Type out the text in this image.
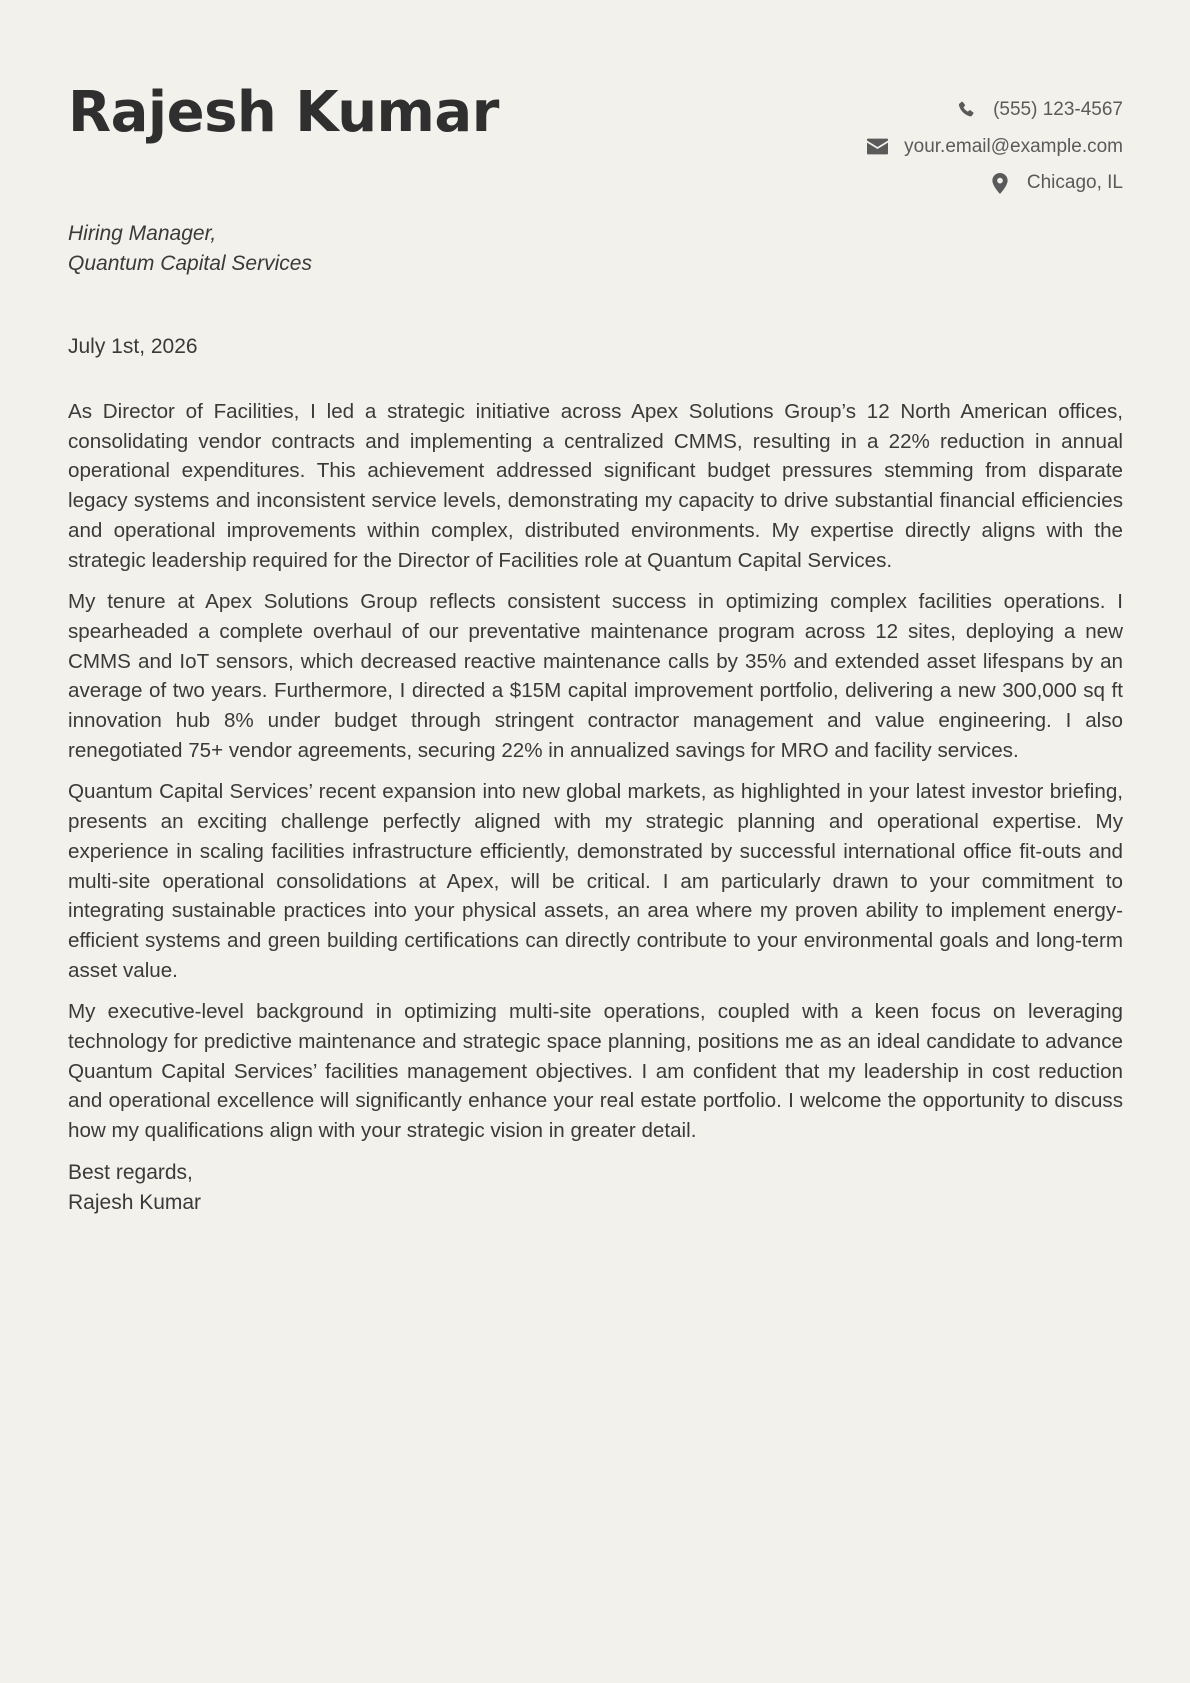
Rajesh Kumar	(555) 123-4567
your.email@example.com
Chicago, IL
Hiring Manager,
Quantum Capital Services
July 1st, 2026

As Director of Facilities, I led a strategic initiative across Apex Solutions Group’s 12 North American offices, consolidating vendor contracts and implementing a centralized CMMS, resulting in a 22% reduction in annual operational expenditures. This achievement addressed significant budget pressures stemming from disparate legacy systems and inconsistent service levels, demonstrating my capacity to drive substantial financial efficiencies and operational improvements within complex, distributed environments. My expertise directly aligns with the strategic leadership required for the Director of Facilities role at Quantum Capital Services.

My tenure at Apex Solutions Group reflects consistent success in optimizing complex facilities operations. I spearheaded a complete overhaul of our preventative maintenance program across 12 sites, deploying a new CMMS and IoT sensors, which decreased reactive maintenance calls by 35% and extended asset lifespans by an average of two years. Furthermore, I directed a $15M capital improvement portfolio, delivering a new 300,000 sq ft innovation hub 8% under budget through stringent contractor management and value engineering. I also renegotiated 75+ vendor agreements, securing 22% in annualized savings for MRO and facility services.

Quantum Capital Services’ recent expansion into new global markets, as highlighted in your latest investor briefing, presents an exciting challenge perfectly aligned with my strategic planning and operational expertise. My experience in scaling facilities infrastructure efficiently, demonstrated by successful international office fit-outs and multi-site operational consolidations at Apex, will be critical. I am particularly drawn to your commitment to integrating sustainable practices into your physical assets, an area where my proven ability to implement energy-efficient systems and green building certifications can directly contribute to your environmental goals and long-term asset value.

My executive-level background in optimizing multi-site operations, coupled with a keen focus on leveraging technology for predictive maintenance and strategic space planning, positions me as an ideal candidate to advance Quantum Capital Services’ facilities management objectives. I am confident that my leadership in cost reduction and operational excellence will significantly enhance your real estate portfolio. I welcome the opportunity to discuss how my qualifications align with your strategic vision in greater detail.

Best regards,
Rajesh Kumar
